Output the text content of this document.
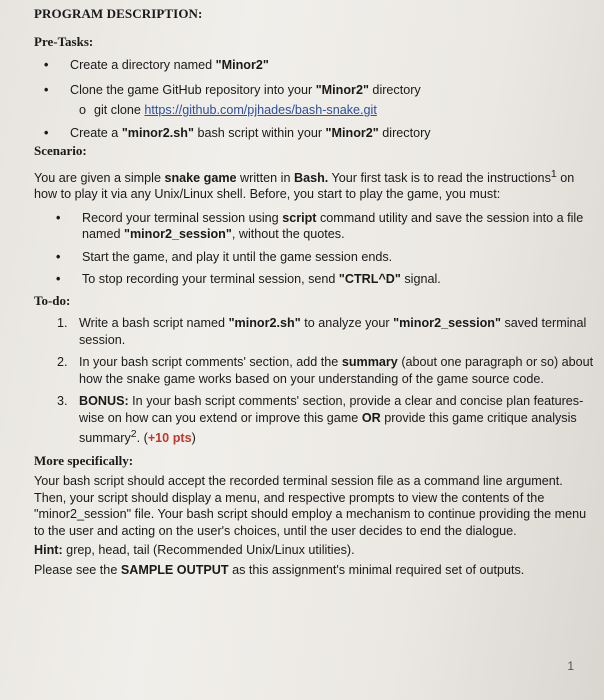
PROGRAM DESCRIPTION:
Pre-Tasks:
• Create a directory named "Minor2"
• Clone the game GitHub repository into your "Minor2" directory
o git clone https://github.com/pjhades/bash-snake.git
• Create a "minor2.sh" bash script within your "Minor2" directory
Scenario:

You are given a simple snake game written in Bash. Your first task is to read the instructions$^1$ on how to play it via any Unix/Linux shell. Before, you start to play the game, you must:

• Record your terminal session using script command utility and save the session into a file named "minor2_session", without the quotes.
• Start the game, and play it until the game session ends.
• To stop recording your terminal session, send "CTRL^D" signal.
To-do:
1. Write a bash script named "minor2.sh" to analyze your "minor2_session" saved terminal session.
2. In your bash script comments' section, add the summary (about one paragraph or so) about how the snake game works based on your understanding of the game source code.
3. BONUS: In your bash script comments' section, provide a clear and concise plan features-wise on how can you extend or improve this game OR provide this game critique analysis summary$^2$. (+10 pts)
More specifically:

Your bash script should accept the recorded terminal session file as a command line argument. Then, your script should display a menu, and respective prompts to view the contents of the "minor2_session" file. Your bash script should employ a mechanism to continue providing the menu to the user and acting on the user's choices, until the user decides to end the dialogue.

Hint: grep, head, tail (Recommended Unix/Linux utilities).

Please see the SAMPLE OUTPUT as this assignment's minimal required set of outputs.

1
